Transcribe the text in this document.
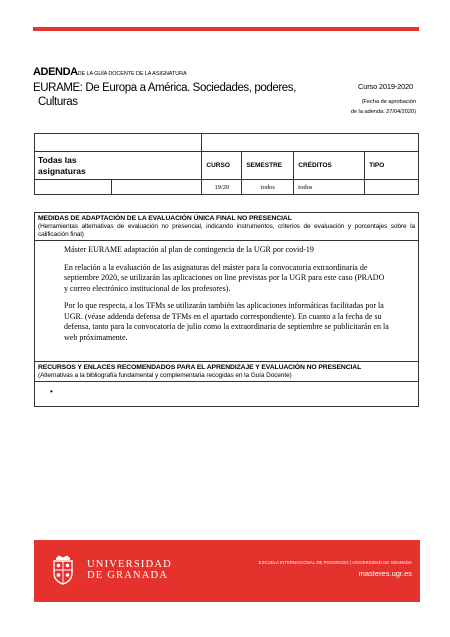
ADENDADE LA GUÍA DOCENTE DE LA ASIGNATURA
EURAME: De Europa a América. Sociedades, poderes,
Culturas
Curso 2019-2020
(Fecha de aprobación
de la adenda: 27/04/2020)

Todas las asignaturas		CURSO	SEMESTRE	CRÉDITOS	TIPO
		19/20	todos	todos	
MEDIDAS DE ADAPTACIÓN DE LA EVALUACIÓN ÚNICA FINAL NO PRESENCIAL
(Herramientas alternativas de evaluación no presencial, indicando instrumentos, criterios de evaluación y porcentajes sobre la calificación final)

Máster EURAME adaptación al plan de contingencia de la UGR por covid-19

En relación a la evaluación de las asignaturas del máster para la convocatoria extraordinaria de septiembre 2020, se utilizarán las aplicaciones on line previstas por la UGR para este caso (PRADO y correo electrónico institucional de los profesores).

Por lo que respecta, a los TFMs se utilizarán también las aplicaciones informáticas facilitadas por la UGR. (véase addenda defensa de TFMs en el apartado correspondiente). En cuanto a la fecha de su defensa, tanto para la convocatoria de julio como la extraordinaria de septiembre se publicitarán en la web próximamente.

RECURSOS Y ENLACES RECOMENDADOS PARA EL APRENDIZAJE Y EVALUACIÓN NO PRESENCIAL
(Alternativas a la bibliografía fundamental y complementaria recogidas en la Guía Docente)
•
UNIVERSIDAD
DE GRANADA
ESCUELA INTERNACIONAL DE POSGRADO | UNIVERSIDAD DE GRANADA
masteres.ugr.es
